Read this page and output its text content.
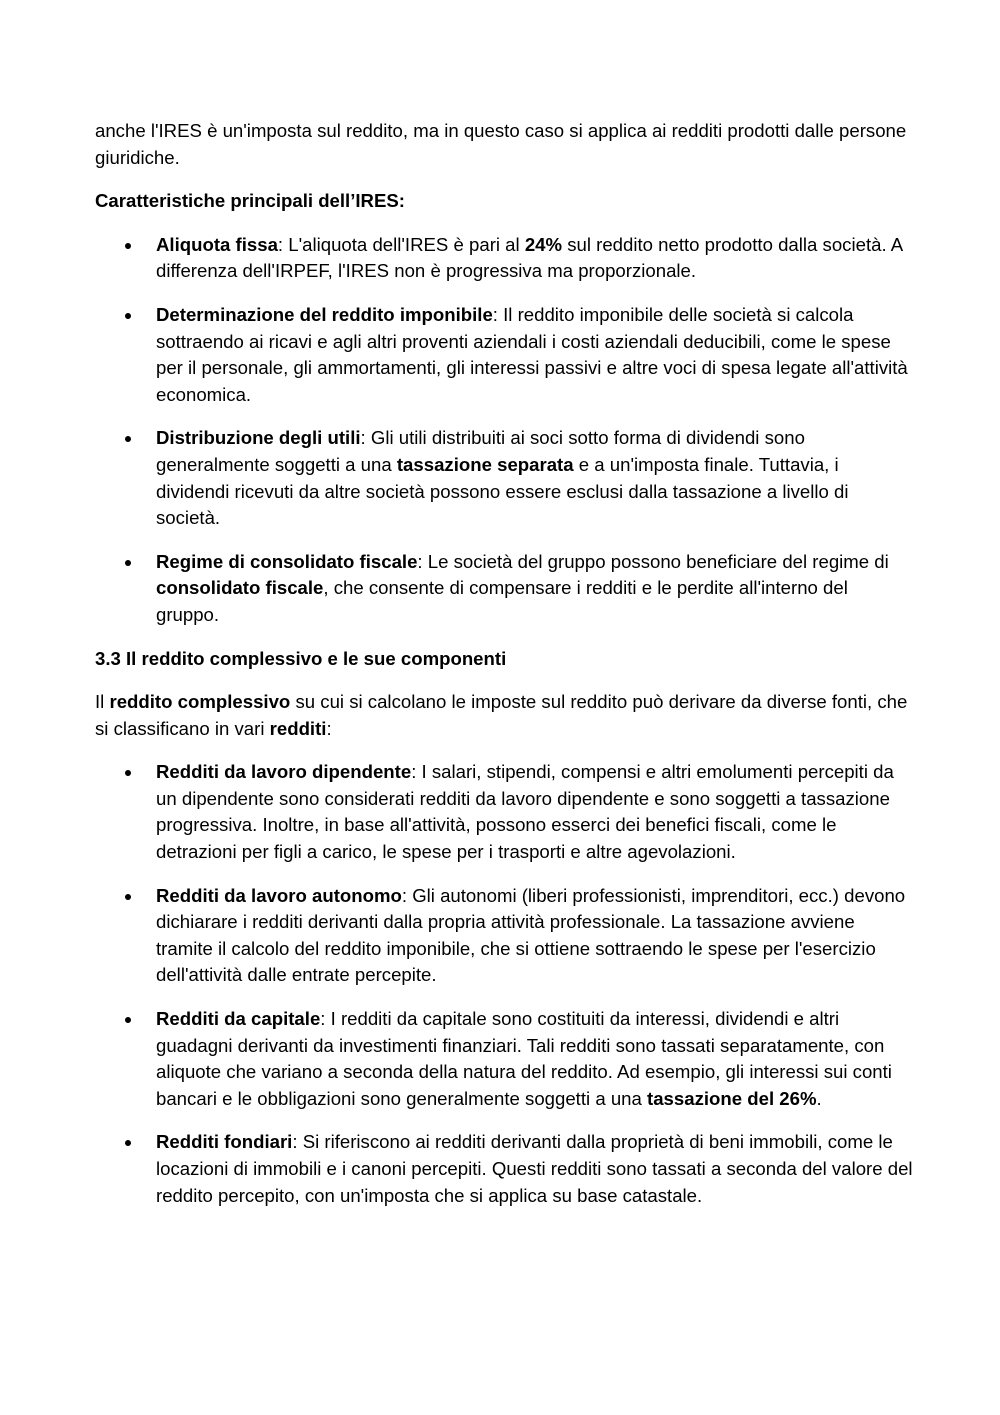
anche l'IRES è un'imposta sul reddito, ma in questo caso si applica ai redditi prodotti dalle persone giuridiche.

Caratteristiche principali dell’IRES:

Aliquota fissa: L'aliquota dell'IRES è pari al 24% sul reddito netto prodotto dalla società. A differenza dell'IRPEF, l'IRES non è progressiva ma proporzionale.
Determinazione del reddito imponibile: Il reddito imponibile delle società si calcola sottraendo ai ricavi e agli altri proventi aziendali i costi aziendali deducibili, come le spese per il personale, gli ammortamenti, gli interessi passivi e altre voci di spesa legate all'attività economica.
Distribuzione degli utili: Gli utili distribuiti ai soci sotto forma di dividendi sono generalmente soggetti a una tassazione separata e a un'imposta finale. Tuttavia, i dividendi ricevuti da altre società possono essere esclusi dalla tassazione a livello di società.
Regime di consolidato fiscale: Le società del gruppo possono beneficiare del regime di consolidato fiscale, che consente di compensare i redditi e le perdite all'interno del gruppo.

3.3 Il reddito complessivo e le sue componenti

Il reddito complessivo su cui si calcolano le imposte sul reddito può derivare da diverse fonti, che si classificano in vari redditi:

Redditi da lavoro dipendente: I salari, stipendi, compensi e altri emolumenti percepiti da un dipendente sono considerati redditi da lavoro dipendente e sono soggetti a tassazione progressiva. Inoltre, in base all'attività, possono esserci dei benefici fiscali, come le detrazioni per figli a carico, le spese per i trasporti e altre agevolazioni.
Redditi da lavoro autonomo: Gli autonomi (liberi professionisti, imprenditori, ecc.) devono dichiarare i redditi derivanti dalla propria attività professionale. La tassazione avviene tramite il calcolo del reddito imponibile, che si ottiene sottraendo le spese per l'esercizio dell'attività dalle entrate percepite.
Redditi da capitale: I redditi da capitale sono costituiti da interessi, dividendi e altri guadagni derivanti da investimenti finanziari. Tali redditi sono tassati separatamente, con aliquote che variano a seconda della natura del reddito. Ad esempio, gli interessi sui conti bancari e le obbligazioni sono generalmente soggetti a una tassazione del 26%.
Redditi fondiari: Si riferiscono ai redditi derivanti dalla proprietà di beni immobili, come le locazioni di immobili e i canoni percepiti. Questi redditi sono tassati a seconda del valore del reddito percepito, con un'imposta che si applica su base catastale.
